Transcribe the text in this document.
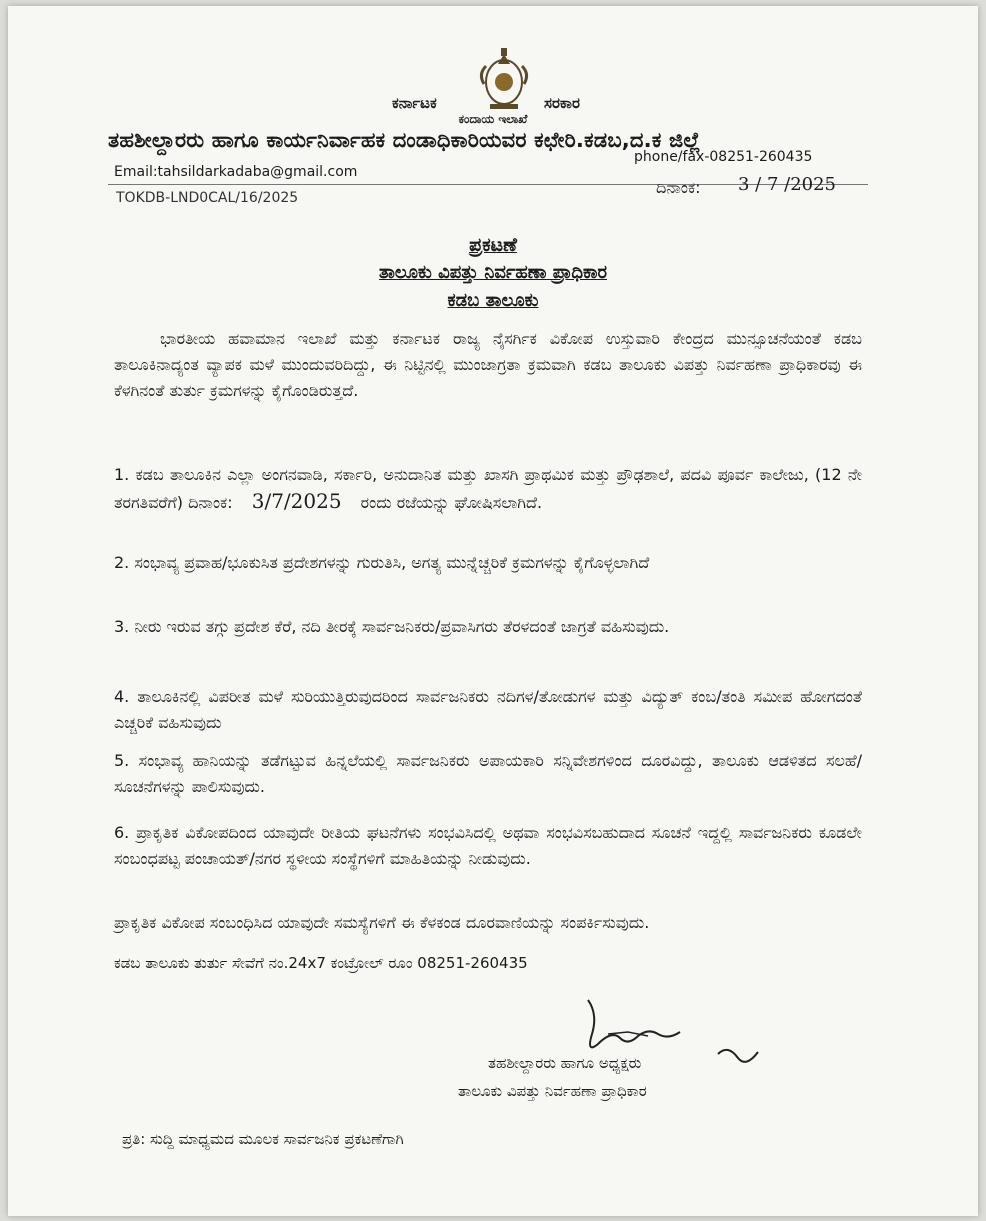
ಕರ್ನಾಟಕ	ಸರಕಾರ
ಕಂದಾಯ ಇಲಾಖೆ
ತಹಶೀಲ್ದಾರರು ಹಾಗೂ ಕಾರ್ಯನಿರ್ವಾಹಕ ದಂಡಾಧಿಕಾರಿಯವರ ಕಛೇರಿ.ಕಡಬ,ದ.ಕ ಜಿಲ್ಲೆ
phone/fax-08251-260435
Email:tahsildarkadaba@gmail.com
TOKDB-LND0CAL/16/2025
ದಿನಾಂಕ: 3 / 7 /2025
ಪ್ರಕಟಣೆ
ತಾಲೂಕು ವಿಪತ್ತು ನಿರ್ವಹಣಾ ಪ್ರಾಧಿಕಾರ
ಕಡಬ ತಾಲೂಕು
ಭಾರತೀಯ ಹವಾಮಾನ ಇಲಾಖೆ ಮತ್ತು ಕರ್ನಾಟಕ ರಾಜ್ಯ ನೈಸರ್ಗಿಕ ವಿಕೋಪ ಉಸ್ತುವಾರಿ ಕೇಂದ್ರದ ಮುನ್ಸೂಚನೆಯಂತೆ ಕಡಬ ತಾಲೂಕಿನಾದ್ಯಂತ ವ್ಯಾಪಕ ಮಳೆ ಮುಂದುವರಿದಿದ್ದು, ಈ ನಿಟ್ಟಿನಲ್ಲಿ ಮುಂಜಾಗ್ರತಾ ಕ್ರಮವಾಗಿ ಕಡಬ ತಾಲೂಕು ವಿಪತ್ತು ನಿರ್ವಹಣಾ ಪ್ರಾಧಿಕಾರವು ಈ ಕೆಳಗಿನಂತೆ ತುರ್ತು ಕ್ರಮಗಳನ್ನು ಕೈಗೊಂಡಿರುತ್ತದೆ.
1. ಕಡಬ ತಾಲೂಕಿನ ಎಲ್ಲಾ ಅಂಗನವಾಡಿ, ಸರ್ಕಾರಿ, ಅನುದಾನಿತ ಮತ್ತು ಖಾಸಗಿ ಪ್ರಾಥಮಿಕ ಮತ್ತು ಪ್ರೌಢಶಾಲೆ, ಪದವಿ ಪೂರ್ವ ಕಾಲೇಜು, (12 ನೇ ತರಗತಿವರೆಗೆ) ದಿನಾಂಕ: 3/7/2025 ರಂದು ರಜೆಯನ್ನು ಘೋಷಿಸಲಾಗಿದೆ.
2. ಸಂಭಾವ್ಯ ಪ್ರವಾಹ/ಭೂಕುಸಿತ ಪ್ರದೇಶಗಳನ್ನು ಗುರುತಿಸಿ, ಅಗತ್ಯ ಮುನ್ನೆಚ್ಚರಿಕೆ ಕ್ರಮಗಳನ್ನು ಕೈಗೊಳ್ಳಲಾಗಿದೆ
3. ನೀರು ಇರುವ ತಗ್ಗು ಪ್ರದೇಶ ಕೆರೆ, ನದಿ ತೀರಕ್ಕೆ ಸಾರ್ವಜನಿಕರು/ಪ್ರವಾಸಿಗರು ತೆರಳದಂತೆ ಜಾಗ್ರತೆ ವಹಿಸುವುದು.
4. ತಾಲೂಕಿನಲ್ಲಿ ವಿಪರೀತ ಮಳೆ ಸುರಿಯುತ್ತಿರುವುದರಿಂದ ಸಾರ್ವಜನಿಕರು ನದಿಗಳ/ತೋಡುಗಳ ಮತ್ತು ವಿದ್ಯುತ್ ಕಂಬ/ತಂತಿ ಸಮೀಪ ಹೋಗದಂತೆ ಎಚ್ಚರಿಕೆ ವಹಿಸುವುದು
5. ಸಂಭಾವ್ಯ ಹಾನಿಯನ್ನು ತಡೆಗಟ್ಟುವ ಹಿನ್ನಲೆಯಲ್ಲಿ ಸಾರ್ವಜನಿಕರು ಅಪಾಯಕಾರಿ ಸನ್ನಿವೇಶಗಳಿಂದ ದೂರವಿದ್ದು, ತಾಲೂಕು ಆಡಳಿತದ ಸಲಹೆ/ಸೂಚನೆಗಳನ್ನು ಪಾಲಿಸುವುದು.
6. ಪ್ರಾಕೃತಿಕ ವಿಕೋಪದಿಂದ ಯಾವುದೇ ರೀತಿಯ ಘಟನೆಗಳು ಸಂಭವಿಸಿದಲ್ಲಿ ಅಥವಾ ಸಂಭವಿಸಬಹುದಾದ ಸೂಚನೆ ಇದ್ದಲ್ಲಿ ಸಾರ್ವಜನಿಕರು ಕೂಡಲೇ ಸಂಬಂಧಪಟ್ಟ ಪಂಚಾಯತ್/ನಗರ ಸ್ಥಳೀಯ ಸಂಸ್ಥೆಗಳಿಗೆ ಮಾಹಿತಿಯನ್ನು ನೀಡುವುದು.
ಪ್ರಾಕೃತಿಕ ವಿಕೋಪ ಸಂಬಂಧಿಸಿದ ಯಾವುದೇ ಸಮಸ್ಯೆಗಳಿಗೆ ಈ ಕೆಳಕಂಡ ದೂರವಾಣಿಯನ್ನು ಸಂಪರ್ಕಿಸುವುದು.
ಕಡಬ ತಾಲೂಕು ತುರ್ತು ಸೇವೆಗೆ ನಂ.24x7 ಕಂಟ್ರೋಲ್ ರೂಂ 08251-260435
ತಹಶೀಲ್ದಾರರು ಹಾಗೂ ಅಧ್ಯಕ್ಷರು
ತಾಲೂಕು ವಿಪತ್ತು ನಿರ್ವಹಣಾ ಪ್ರಾಧಿಕಾರ
ಪ್ರತಿ: ಸುದ್ದಿ ಮಾಧ್ಯಮದ ಮೂಲಕ ಸಾರ್ವಜನಿಕ ಪ್ರಕಟಣೆಗಾಗಿ
